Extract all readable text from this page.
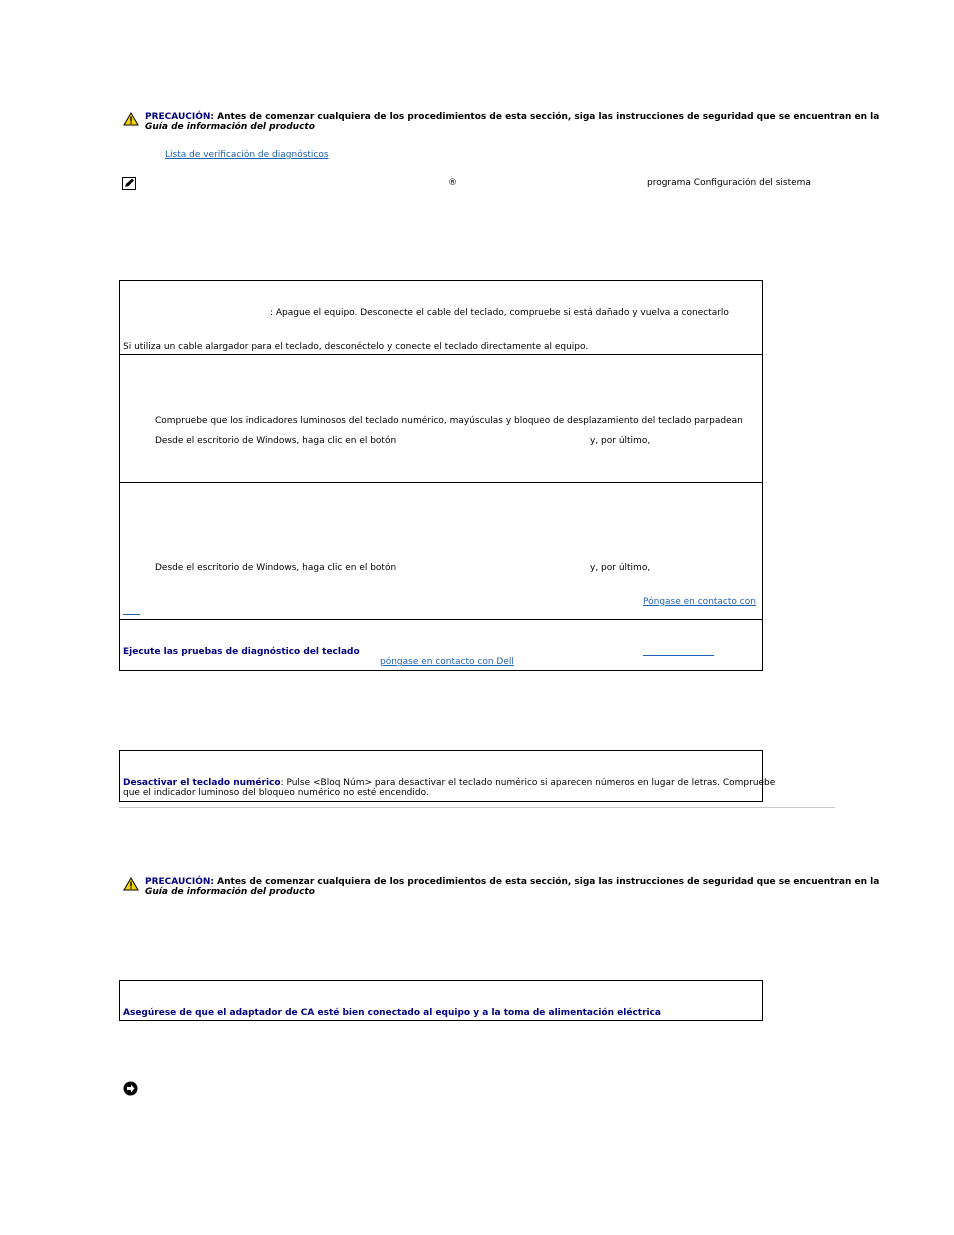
PRECAUCIÓN: Antes de comenzar cualquiera de los procedimientos de esta sección, siga las instrucciones de seguridad que se encuentran en la
Guía de información del producto
Lista de verificación de diagnósticos
®	programa Configuración del sistema
: Apague el equipo. Desconecte el cable del teclado, compruebe si está dañado y vuelva a conectarlo
Si utiliza un cable alargador para el teclado, desconéctelo y conecte el teclado directamente al equipo.
Compruebe que los indicadores luminosos del teclado numérico, mayúsculas y bloqueo de desplazamiento del teclado parpadean
Desde el escritorio de Windows, haga clic en el botón	y, por último,
Desde el escritorio de Windows, haga clic en el botón	y, por último,
Póngase en contacto con
Ejecute las pruebas de diagnóstico del teclado
póngase en contacto con Dell
Desactivar el teclado numérico: Pulse <Bloq Núm> para desactivar el teclado numérico si aparecen números en lugar de letras. Compruebe
que el indicador luminoso del bloqueo numérico no esté encendido.
PRECAUCIÓN: Antes de comenzar cualquiera de los procedimientos de esta sección, siga las instrucciones de seguridad que se encuentran en la
Guía de información del producto
Asegúrese de que el adaptador de CA esté bien conectado al equipo y a la toma de alimentación eléctrica
